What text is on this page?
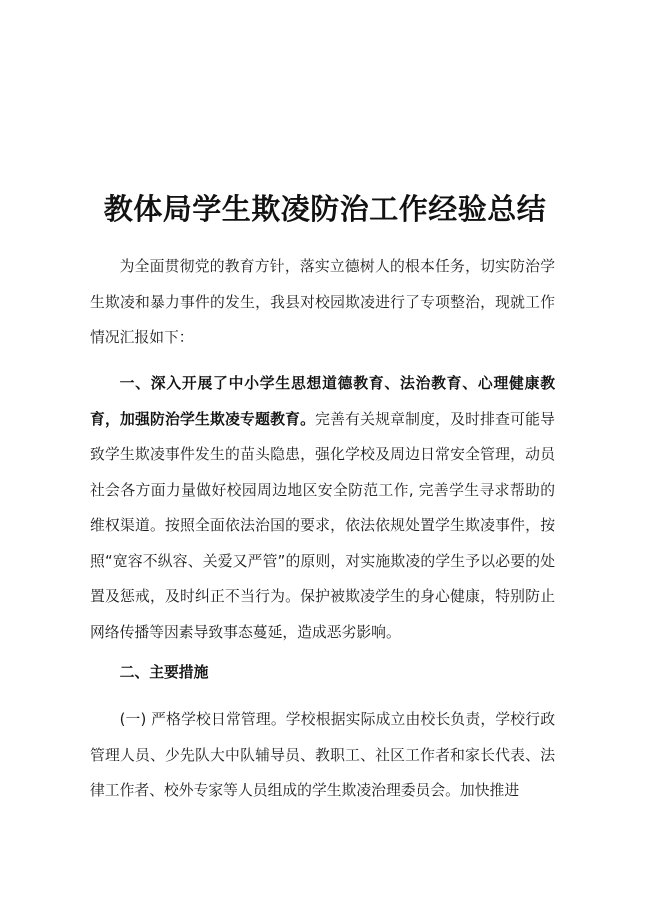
教体局学生欺凌防治工作经验总结

为全面贯彻党的教育方针，落实立德树人的根本任务，切实防治学生欺凌和暴力事件的发生，我县对校园欺凌进行了专项整治，现就工作情况汇报如下：

一、深入开展了中小学生思想道德教育、法治教育、心理健康教育，加强防治学生欺凌专题教育。完善有关规章制度，及时排查可能导致学生欺凌事件发生的苗头隐患，强化学校及周边日常安全管理，动员社会各方面力量做好校园周边地区安全防范工作, 完善学生寻求帮助的维权渠道。按照全面依法治国的要求，依法依规处置学生欺凌事件，按照“宽容不纵容、关爱又严管”的原则，对实施欺凌的学生予以必要的处置及惩戒，及时纠正不当行为。保护被欺凌学生的身心健康，特别防止网络传播等因素导致事态蔓延，造成恶劣影响。

二、主要措施

(一) 严格学校日常管理。学校根据实际成立由校长负责，学校行政管理人员、少先队大中队辅导员、教职工、社区工作者和家长代表、法律工作者、校外专家等人员组成的学生欺凌治理委员会。加快推进
